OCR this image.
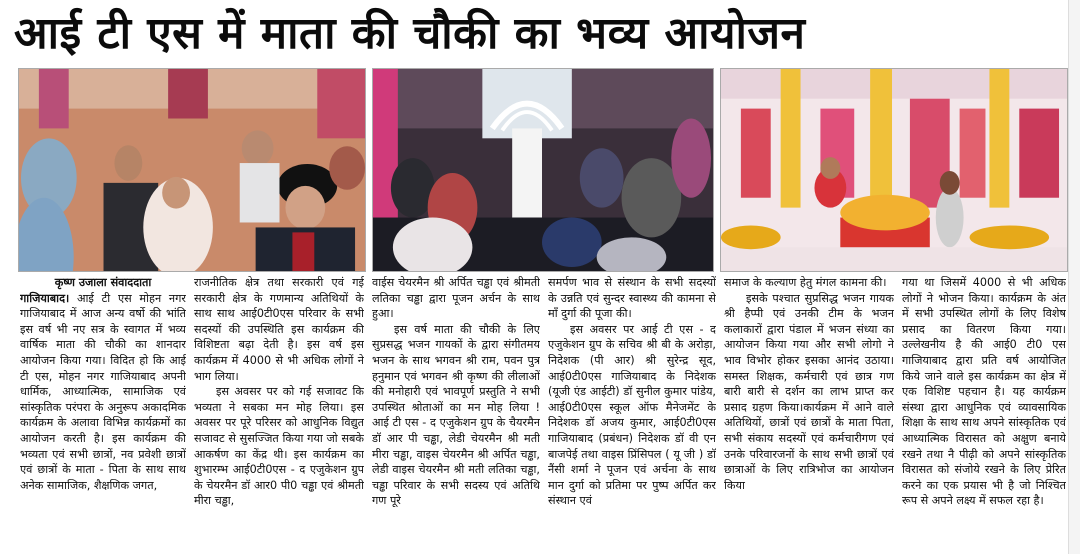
आई टी एस में माता की चौकी का भव्य आयोजन
कृष्ण उजाला संवाददाता

गाजियाबाद। आई टी एस मोहन नगर गाजियाबाद में आज अन्य वर्षो की भांति इस वर्ष भी नए सत्र के स्वागत में भव्य वार्षिक माता की चौकी का शानदार आयोजन किया गया। विदित हो कि आई टी एस, मोहन नगर गाजियाबाद अपनी धार्मिक, आध्यात्मिक, सामाजिक एवं सांस्कृतिक परंपरा के अनुरूप अकादमिक कार्यक्रम के अलावा विभिन्न कार्यक्रमों का आयोजन करती है। इस कार्यक्रम की भव्यता एवं सभी छात्रों, नव प्रवेशी छात्रों एवं छात्रों के माता - पिता के साथ साथ अनेक सामाजिक, शैक्षणिक जगत,

राजनीतिक क्षेत्र तथा सरकारी एवं गई सरकारी क्षेत्र के गणमान्य अतिथियों के साथ साथ आई0टी0एस परिवार के सभी सदस्यों की उपस्थिति इस कार्यक्रम की विशिष्टता बढ़ा देती है। इस वर्ष इस कार्यक्रम में 4000 से भी अधिक लोगों ने भाग लिया।

इस अवसर पर को गई सजावट कि भव्यता ने सबका मन मोह लिया। इस अवसर पर पूरे परिसर को आधुनिक विद्युत सजावट से सुसज्जित किया गया जो सबके आकर्षण का केंद्र थी। इस कार्यक्रम का शुभारम्भ आई0टी0एस - द एजुकेशन ग्रुप के चेयरमैन डॉ आर0 पी0 चड्ढा एवं श्रीमती मीरा चड्ढा,

वाईस चेयरमैन श्री अर्पित चड्ढा एवं श्रीमती लतिका चड्ढा द्वारा पूजन अर्चन के साथ हुआ।

इस वर्ष माता की चौकी के लिए सुप्रसद्ध भजन गायकों के द्वारा संगीतमय भजन के साथ भगवन श्री राम, पवन पुत्र हनुमान एवं भगवन श्री कृष्ण की लीलाओं की मनोहारी एवं भावपूर्ण प्रस्तुति ने सभी उपस्थित श्रोताओं का मन मोह लिया ! आई टी एस - द एजुकेशन ग्रुप के चैयरमैन डॉ आर पी चड्ढा, लेडी चेयरमैन श्री मती मीरा चड्ढा, वाइस चेयरमैन श्री अर्पित चड्ढा, लेडी वाइस चेयरमैन श्री मती लतिका चड्ढा, चड्ढा परिवार के सभी सदस्य एवं अतिथि गण पूरे

समर्पण भाव से संस्थान के सभी सदस्यों के उन्नति एवं सुन्दर स्वास्थ्य की कामना से माँ दुर्गा की पूजा की।

इस अवसर पर आई टी एस - द एजुकेशन ग्रुप के सचिव श्री बी के अरोड़ा, निदेशक (पी आर) श्री सुरेन्द्र सूद, आई0टी0एस गाजियाबाद के निदेशक (यूजी एंड आईटी) डॉ सुनील कुमार पांडेय, आई0टी0एस स्कूल ऑफ मैनेजमेंट के निदेशक डॉ अजय कुमार, आई0टी0एस गाजियाबाद (प्रबंधन) निदेशक डॉ वी एन बाजपेई तथा वाइस प्रिंसिपल ( यू जी ) डॉ नैंसी शर्मा ने पूजन एवं अर्चना के साथ मान दुर्गा को प्रतिमा पर पुष्प अर्पित कर संस्थान एवं

समाज के कल्याण हेतु मंगल कामना की।

इसके पश्चात सुप्रसिद्ध भजन गायक श्री हैप्पी एवं उनकी टीम के भजन कलाकारों द्वारा पंडाल में भजन संध्या का आयोजन किया गया और सभी लोगो ने भाव विभोर होकर इसका आनंद उठाया।समस्त शिक्षक, कर्मचारी एवं छात्र गण बारी बारी से दर्शन का लाभ प्राप्त कर प्रसाद ग्रहण किया।कार्यक्रम में आने वाले अतिथियों, छात्रों एवं छात्रों के माता पिता, सभी संकाय सदस्यों एवं कर्मचारीगण एवं उनके परिवारजनों के साथ सभी छात्रों एवं छात्राओं के लिए रात्रिभोज का आयोजन किया

गया था जिसमें 4000 से भी अधिक लोगों ने भोजन किया। कार्यक्रम के अंत में सभी उपस्थित लोगों के लिए विशेष प्रसाद का वितरण किया गया। उल्लेखनीय है की आई0 टी0 एस गाजियाबाद द्वारा प्रति वर्ष आयोजित किये जाने वाले इस कार्यक्रम का क्षेत्र में एक विशिष्ट पहचान है। यह कार्यक्रम संस्था द्वारा आधुनिक एवं व्यावसायिक शिक्षा के साथ साथ अपने सांस्कृतिक एवं आध्यात्मिक विरासत को अक्षुण बनाये रखने तथा नै पीढ़ी को अपने सांस्कृतिक विरासत को संजोये रखने के लिए प्रेरित करने का एक प्रयास भी है जो निश्चित रूप से अपने लक्ष्य में सफल रहा है।
